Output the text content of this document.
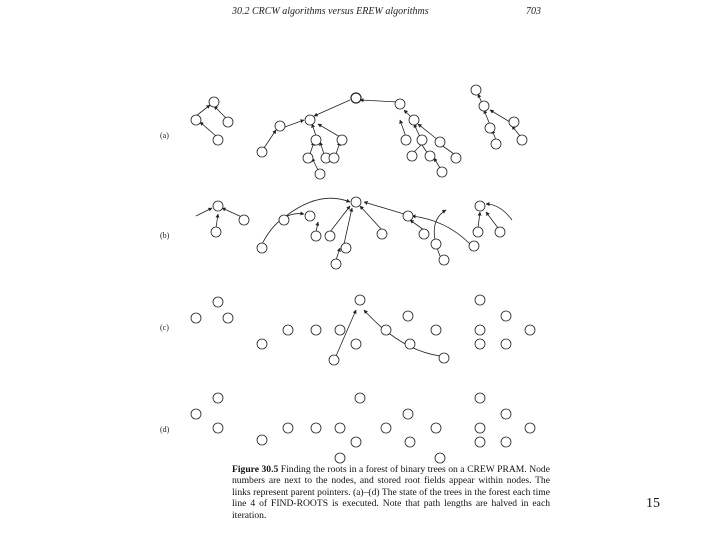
30.2 CRCW algorithms versus EREW algorithms	703
(a)
(b)
(c)
(d)
Figure 30.5 Finding the roots in a forest of binary trees on a CREW PRAM. Node numbers are next to the nodes, and stored root fields appear within nodes. The links represent parent pointers. (a)–(d) The state of the trees in the forest each time line 4 of FIND-ROOTS is executed. Note that path lengths are halved in each iteration.
15
